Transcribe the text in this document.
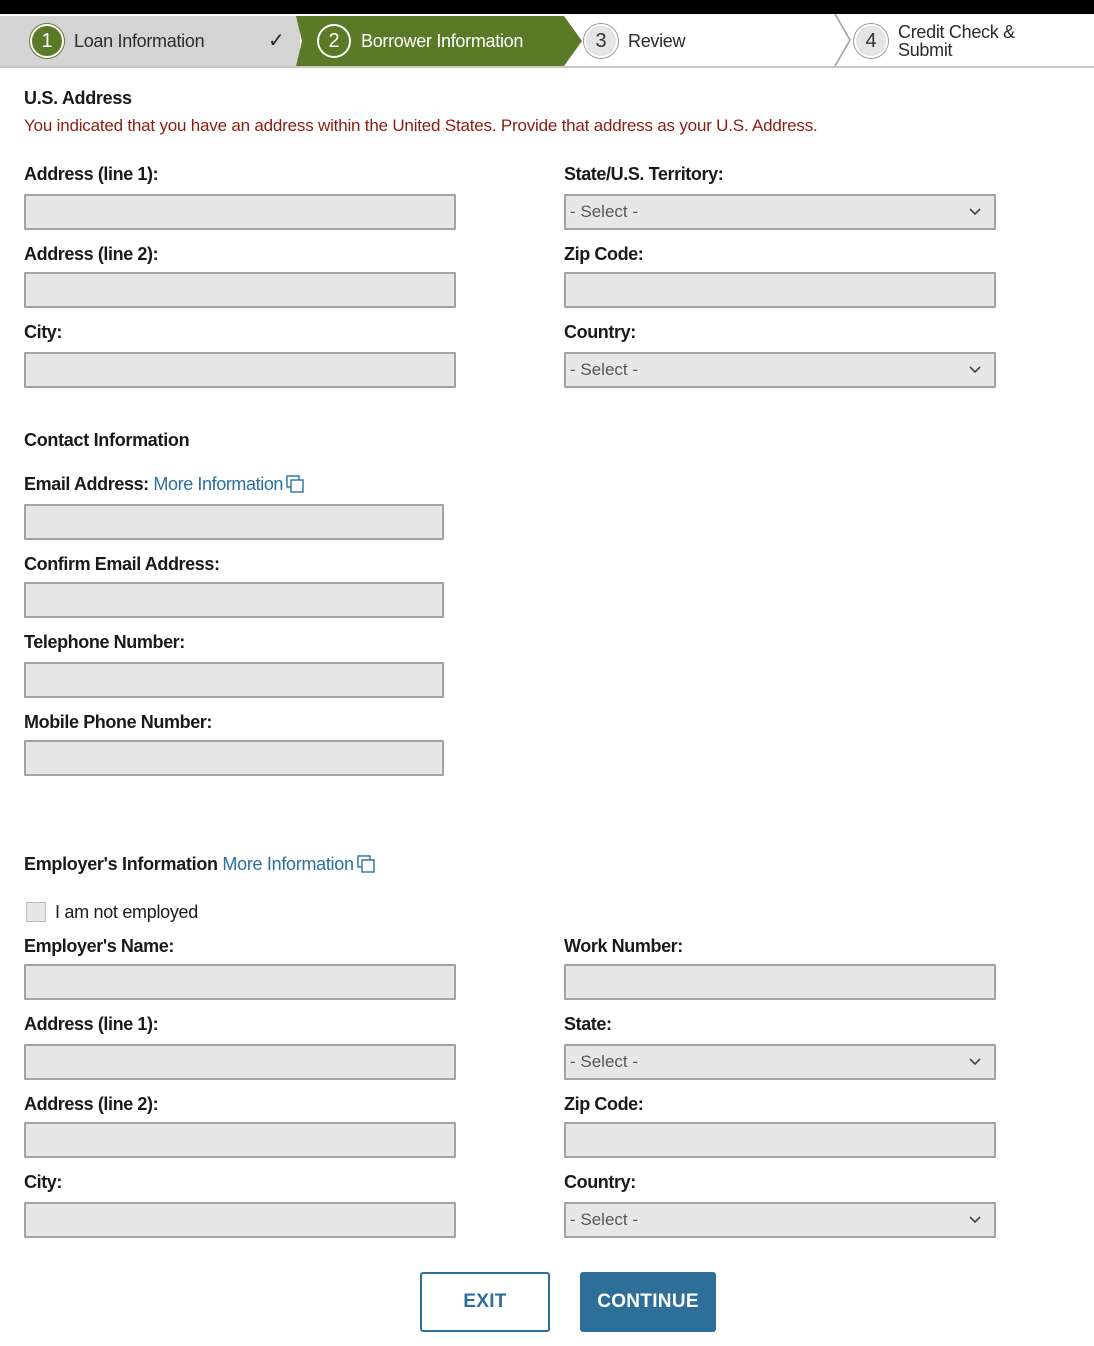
1	Loan Information	✓	2	Borrower Information	3	Review	4	Credit Check & Submit
U.S. Address
You indicated that you have an address within the United States. Provide that address as your U.S. Address.
Address (line 1):	State/U.S. Territory:
- Select -
Address (line 2):	Zip Code:
City:	Country:
- Select -
Contact Information
Email Address: More Information
Confirm Email Address:
Telephone Number:
Mobile Phone Number:
Employer's Information More Information
I am not employed
Employer's Name:	Work Number:
Address (line 1):	State:
- Select -
Address (line 2):	Zip Code:
City:	Country:
- Select -
EXIT	CONTINUE
